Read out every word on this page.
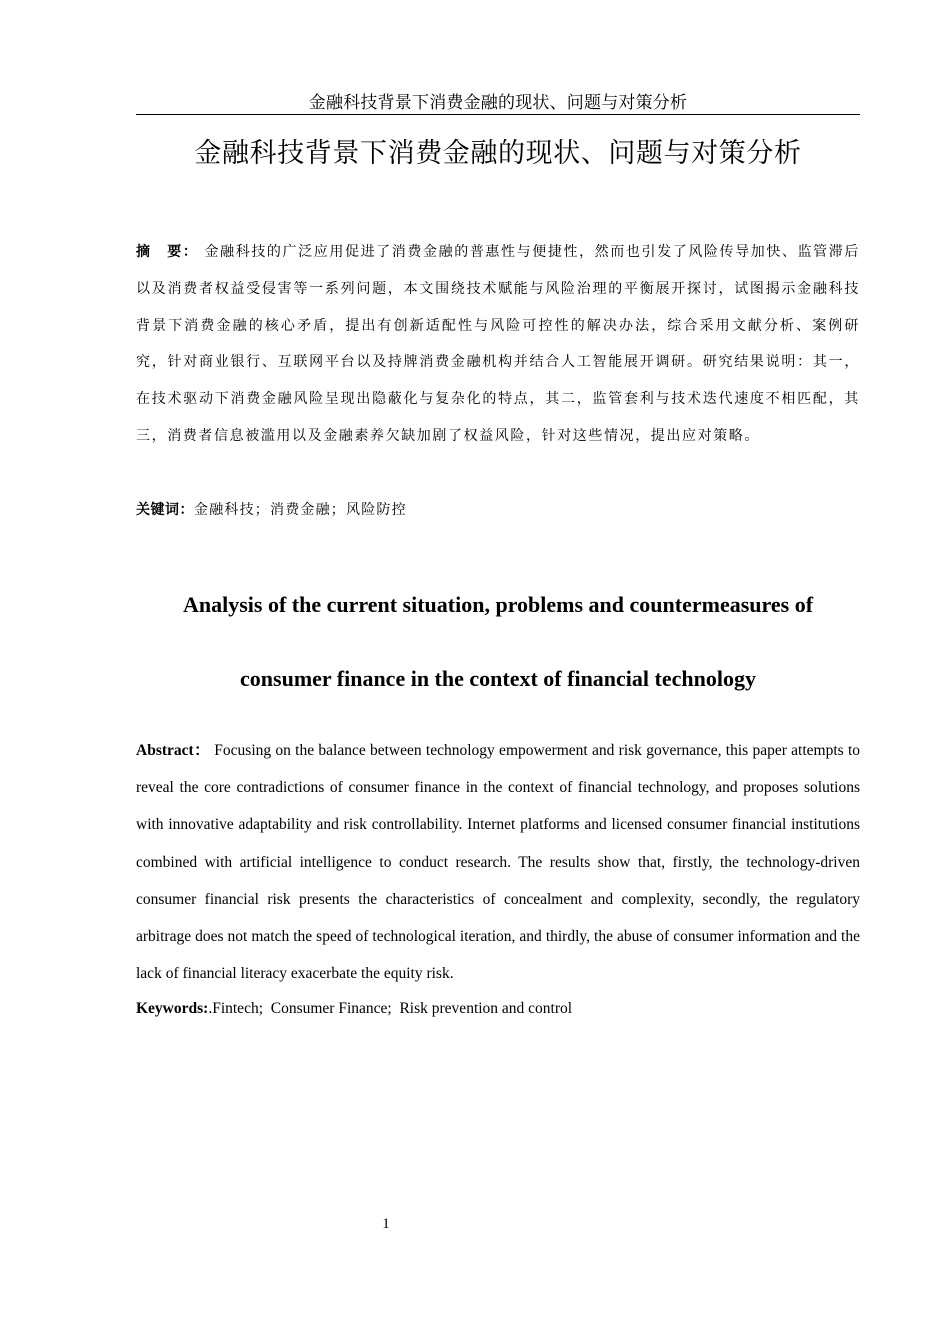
金融科技背景下消费金融的现状、问题与对策分析
金融科技背景下消费金融的现状、问题与对策分析
摘　要： 金融科技的广泛应用促进了消费金融的普惠性与便捷性，然而也引发了风险传导加快、监管滞后以及消费者权益受侵害等一系列问题，本文围绕技术赋能与风险治理的平衡展开探讨，试图揭示金融科技背景下消费金融的核心矛盾，提出有创新适配性与风险可控性的解决办法，综合采用文献分析、案例研究，针对商业银行、互联网平台以及持牌消费金融机构并结合人工智能展开调研。研究结果说明：其一，在技术驱动下消费金融风险呈现出隐蔽化与复杂化的特点，其二，监管套利与技术迭代速度不相匹配，其三，消费者信息被滥用以及金融素养欠缺加剧了权益风险，针对这些情况，提出应对策略。
关键词：金融科技；消费金融；风险防控
Analysis of the current situation, problems and countermeasures of
consumer finance in the context of financial technology
Abstract： Focusing on the balance between technology empowerment and risk governance, this paper attempts to reveal the core contradictions of consumer finance in the context of financial technology, and proposes solutions with innovative adaptability and risk controllability. Internet platforms and licensed consumer financial institutions combined with artificial intelligence to conduct research. The results show that, firstly, the technology-driven consumer financial risk presents the characteristics of concealment and complexity, secondly, the regulatory arbitrage does not match the speed of technological iteration, and thirdly, the abuse of consumer information and the lack of financial literacy exacerbate the equity risk.
Keywords:.Fintech;  Consumer Finance;  Risk prevention and control
1
